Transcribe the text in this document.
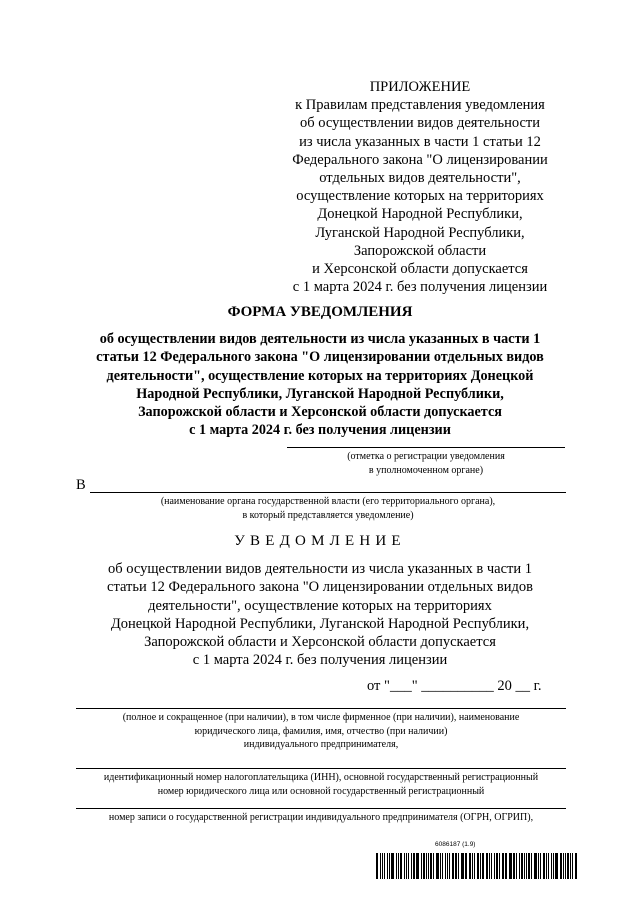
ПРИЛОЖЕНИЕ
к Правилам представления уведомления
об осуществлении видов деятельности
из числа указанных в части 1 статьи 12
Федерального закона "О лицензировании
отдельных видов деятельности",
осуществление которых на территориях
Донецкой Народной Республики,
Луганской Народной Республики,
Запорожской области
и Херсонской области допускается
с 1 марта 2024 г. без получения лицензии
ФОРМА УВЕДОМЛЕНИЯ
об осуществлении видов деятельности из числа указанных в части 1
статьи 12 Федерального закона "О лицензировании отдельных видов
деятельности", осуществление которых на территориях Донецкой
Народной Республики, Луганской Народной Республики,
Запорожской области и Херсонской области допускается
с 1 марта 2024 г. без получения лицензии
(отметка о регистрации уведомления
в уполномоченном органе)
В
(наименование органа государственной власти (его территориального органа),
в который представляется уведомление)
УВЕДОМЛЕНИЕ
об осуществлении видов деятельности из числа указанных в части 1
статьи 12 Федерального закона "О лицензировании отдельных видов
деятельности", осуществление которых на территориях
Донецкой Народной Республики, Луганской Народной Республики,
Запорожской области и Херсонской области допускается
с 1 марта 2024 г. без получения лицензии
от "___" __________ 20 __ г.
(полное и сокращенное (при наличии), в том числе фирменное (при наличии), наименование
юридического лица, фамилия, имя, отчество (при наличии)
индивидуального предпринимателя,
идентификационный номер налогоплательщика (ИНН), основной государственный регистрационный
номер юридического лица или основной государственный регистрационный
номер записи о государственной регистрации индивидуального предпринимателя (ОГРН, ОГРИП),
6086187 (1.9)
